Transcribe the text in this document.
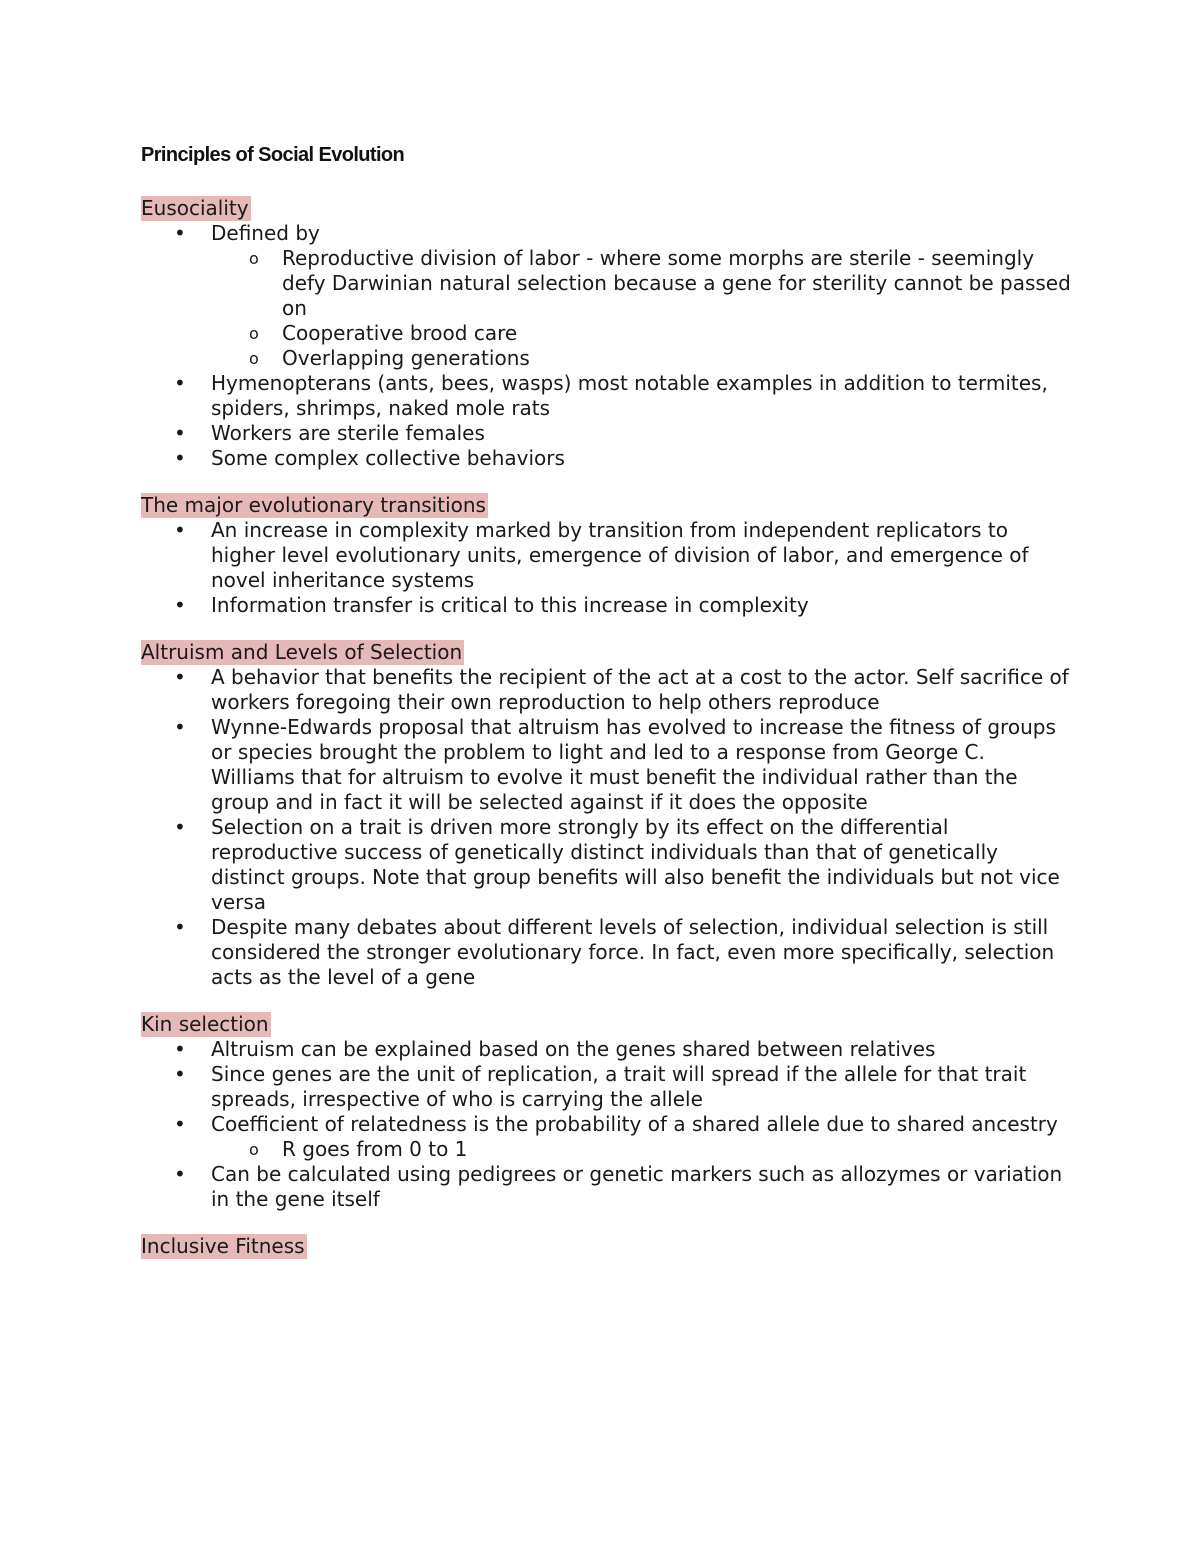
Principles of Social Evolution
Eusociality
• Defined by
o Reproductive division of labor - where some morphs are sterile - seemingly defy Darwinian natural selection because a gene for sterility cannot be passed on
o Cooperative brood care
o Overlapping generations
• Hymenopterans (ants, bees, wasps) most notable examples in addition to termites, spiders, shrimps, naked mole rats
• Workers are sterile females
• Some complex collective behaviors
The major evolutionary transitions
• An increase in complexity marked by transition from independent replicators to higher level evolutionary units, emergence of division of labor, and emergence of novel inheritance systems
• Information transfer is critical to this increase in complexity
Altruism and Levels of Selection
• A behavior that benefits the recipient of the act at a cost to the actor. Self sacrifice of workers foregoing their own reproduction to help others reproduce
• Wynne-Edwards proposal that altruism has evolved to increase the fitness of groups or species brought the problem to light and led to a response from George C. Williams that for altruism to evolve it must benefit the individual rather than the group and in fact it will be selected against if it does the opposite
• Selection on a trait is driven more strongly by its effect on the differential reproductive success of genetically distinct individuals than that of genetically distinct groups. Note that group benefits will also benefit the individuals but not vice versa
• Despite many debates about different levels of selection, individual selection is still considered the stronger evolutionary force. In fact, even more specifically, selection acts as the level of a gene
Kin selection
• Altruism can be explained based on the genes shared between relatives
• Since genes are the unit of replication, a trait will spread if the allele for that trait spreads, irrespective of who is carrying the allele
• Coefficient of relatedness is the probability of a shared allele due to shared ancestry
o R goes from 0 to 1
• Can be calculated using pedigrees or genetic markers such as allozymes or variation in the gene itself
Inclusive Fitness
